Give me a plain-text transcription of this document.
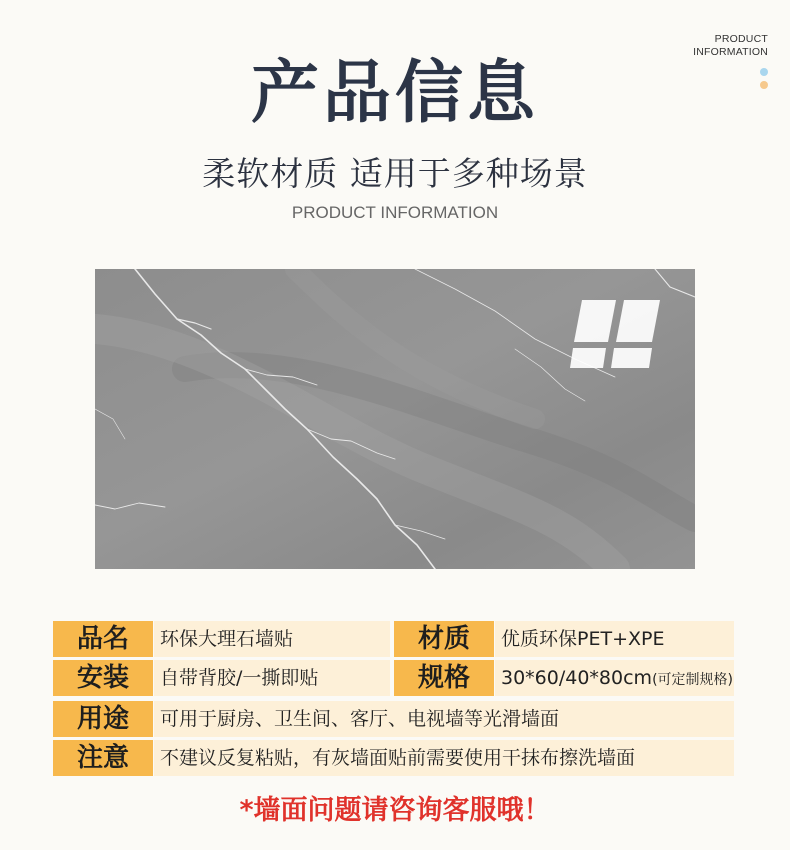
PRODUCT
INFORMATION
产品信息
柔软材质 适用于多种场景
PRODUCT INFORMATION
品名	环保大理石墙贴	材质	优质环保PET+XPE
安装	自带背胶/一撕即贴	规格	30*60/40*80cm(可定制规格)
用途	可用于厨房、卫生间、客厅、电视墙等光滑墙面
注意	不建议反复粘贴，有灰墙面贴前需要使用干抹布擦洗墙面
*墙面问题请咨询客服哦！
